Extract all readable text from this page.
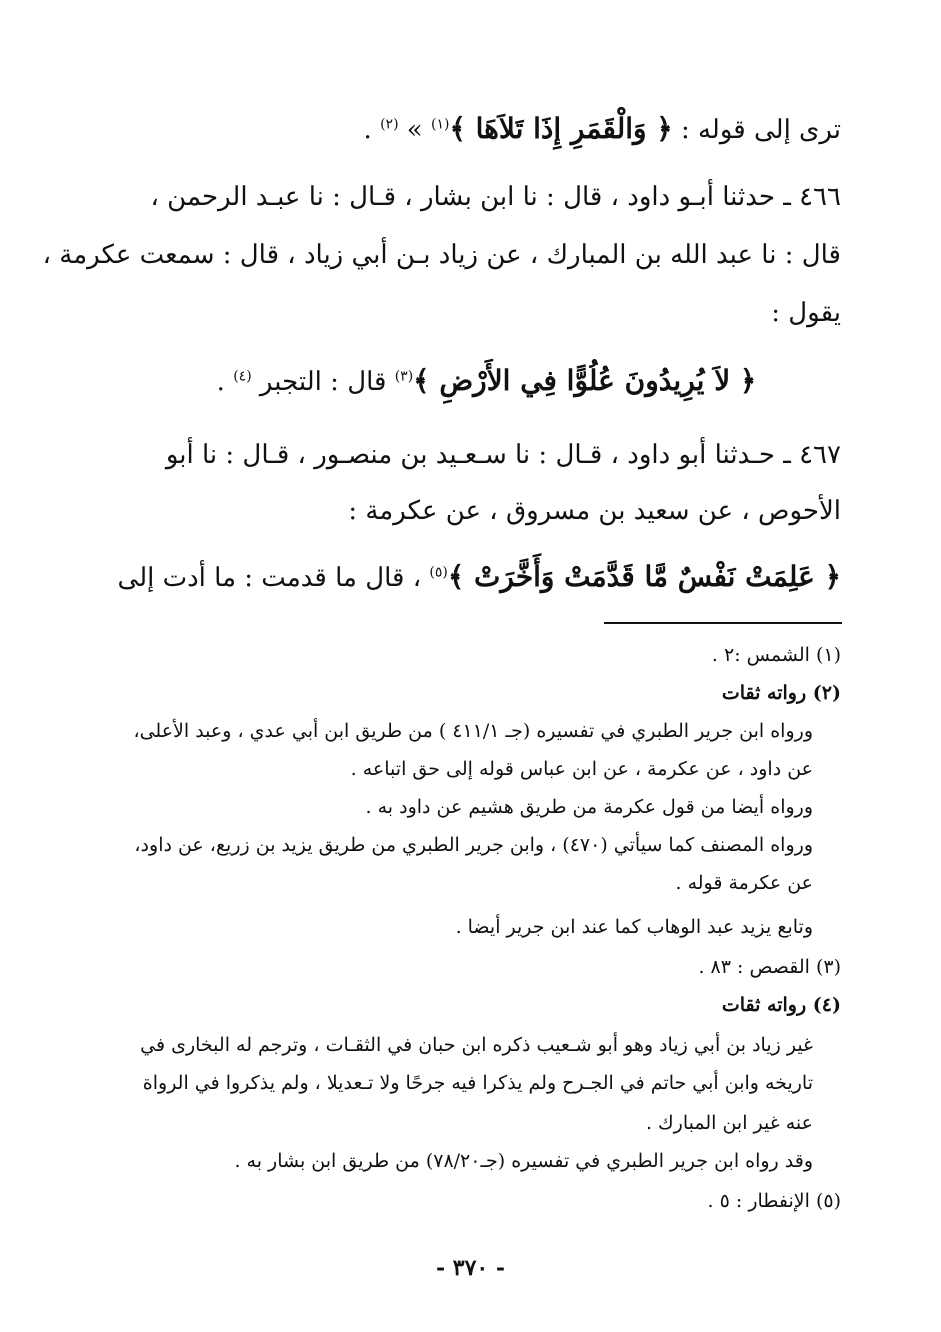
ترى إلى قوله : ﴿ وَالْقَمَرِ إِذَا تَلاَهَا ﴾$^{(١)}$ » $^{(٢)}$ .
٤٦٦ ـ حدثنا أبـو داود ، قال : نا ابن بشار ، قـال : نا عبـد الرحمن ،
قال : نا عبد الله بن المبارك ، عن زياد بـن أبي زياد ، قال : سمعت عكرمة ،
يقول :
﴿ لاَ يُرِيدُونَ عُلُوًّا فِي الأَرْضِ ﴾$^{(٣)}$ قال : التجبر $^{(٤)}$ .
٤٦٧ ـ حـدثنا أبو داود ، قـال : نا سـعـيد بن منصـور ، قـال : نا أبو
الأحوص ، عن سعيد بن مسروق ، عن عكرمة :
﴿ عَلِمَتْ نَفْسٌ مَّا قَدَّمَتْ وَأَخَّرَتْ ﴾$^{(٥)}$ ، قال ما قدمت : ما أدت إلى
(١) الشمس :٢ .
(٢) رواته ثقات
ورواه ابن جرير الطبري في تفسيره (جـ ٤١١/١ ) من طريق ابن أبي عدي ، وعبد الأعلى،
عن داود ، عن عكرمة ، عن ابن عباس قوله إلى حق اتباعه .
ورواه أيضا من قول عكرمة من طريق هشيم عن داود به .
ورواه المصنف كما سيأتي (٤٧٠) ، وابن جرير الطبري من طريق يزيد بن زريع، عن داود،
عن عكرمة قوله .
وتابع يزيد عبد الوهاب كما عند ابن جرير أيضا .
(٣) القصص : ٨٣ .
(٤) رواته ثقات
غير زياد بن أبي زياد وهو أبو شـعيب ذكره ابن حبان في الثقـات ، وترجم له البخارى في
تاريخه وابن أبي حاتم في الجـرح ولم يذكرا فيه جرحًا ولا تـعديلا ، ولم يذكروا في الرواة
عنه غير ابن المبارك .
وقد رواه ابن جرير الطبري في تفسيره (جـ٧٨/٢٠) من طريق ابن بشار به .
(٥) الإنفطار : ٥ .
- ٣٧٠ -
